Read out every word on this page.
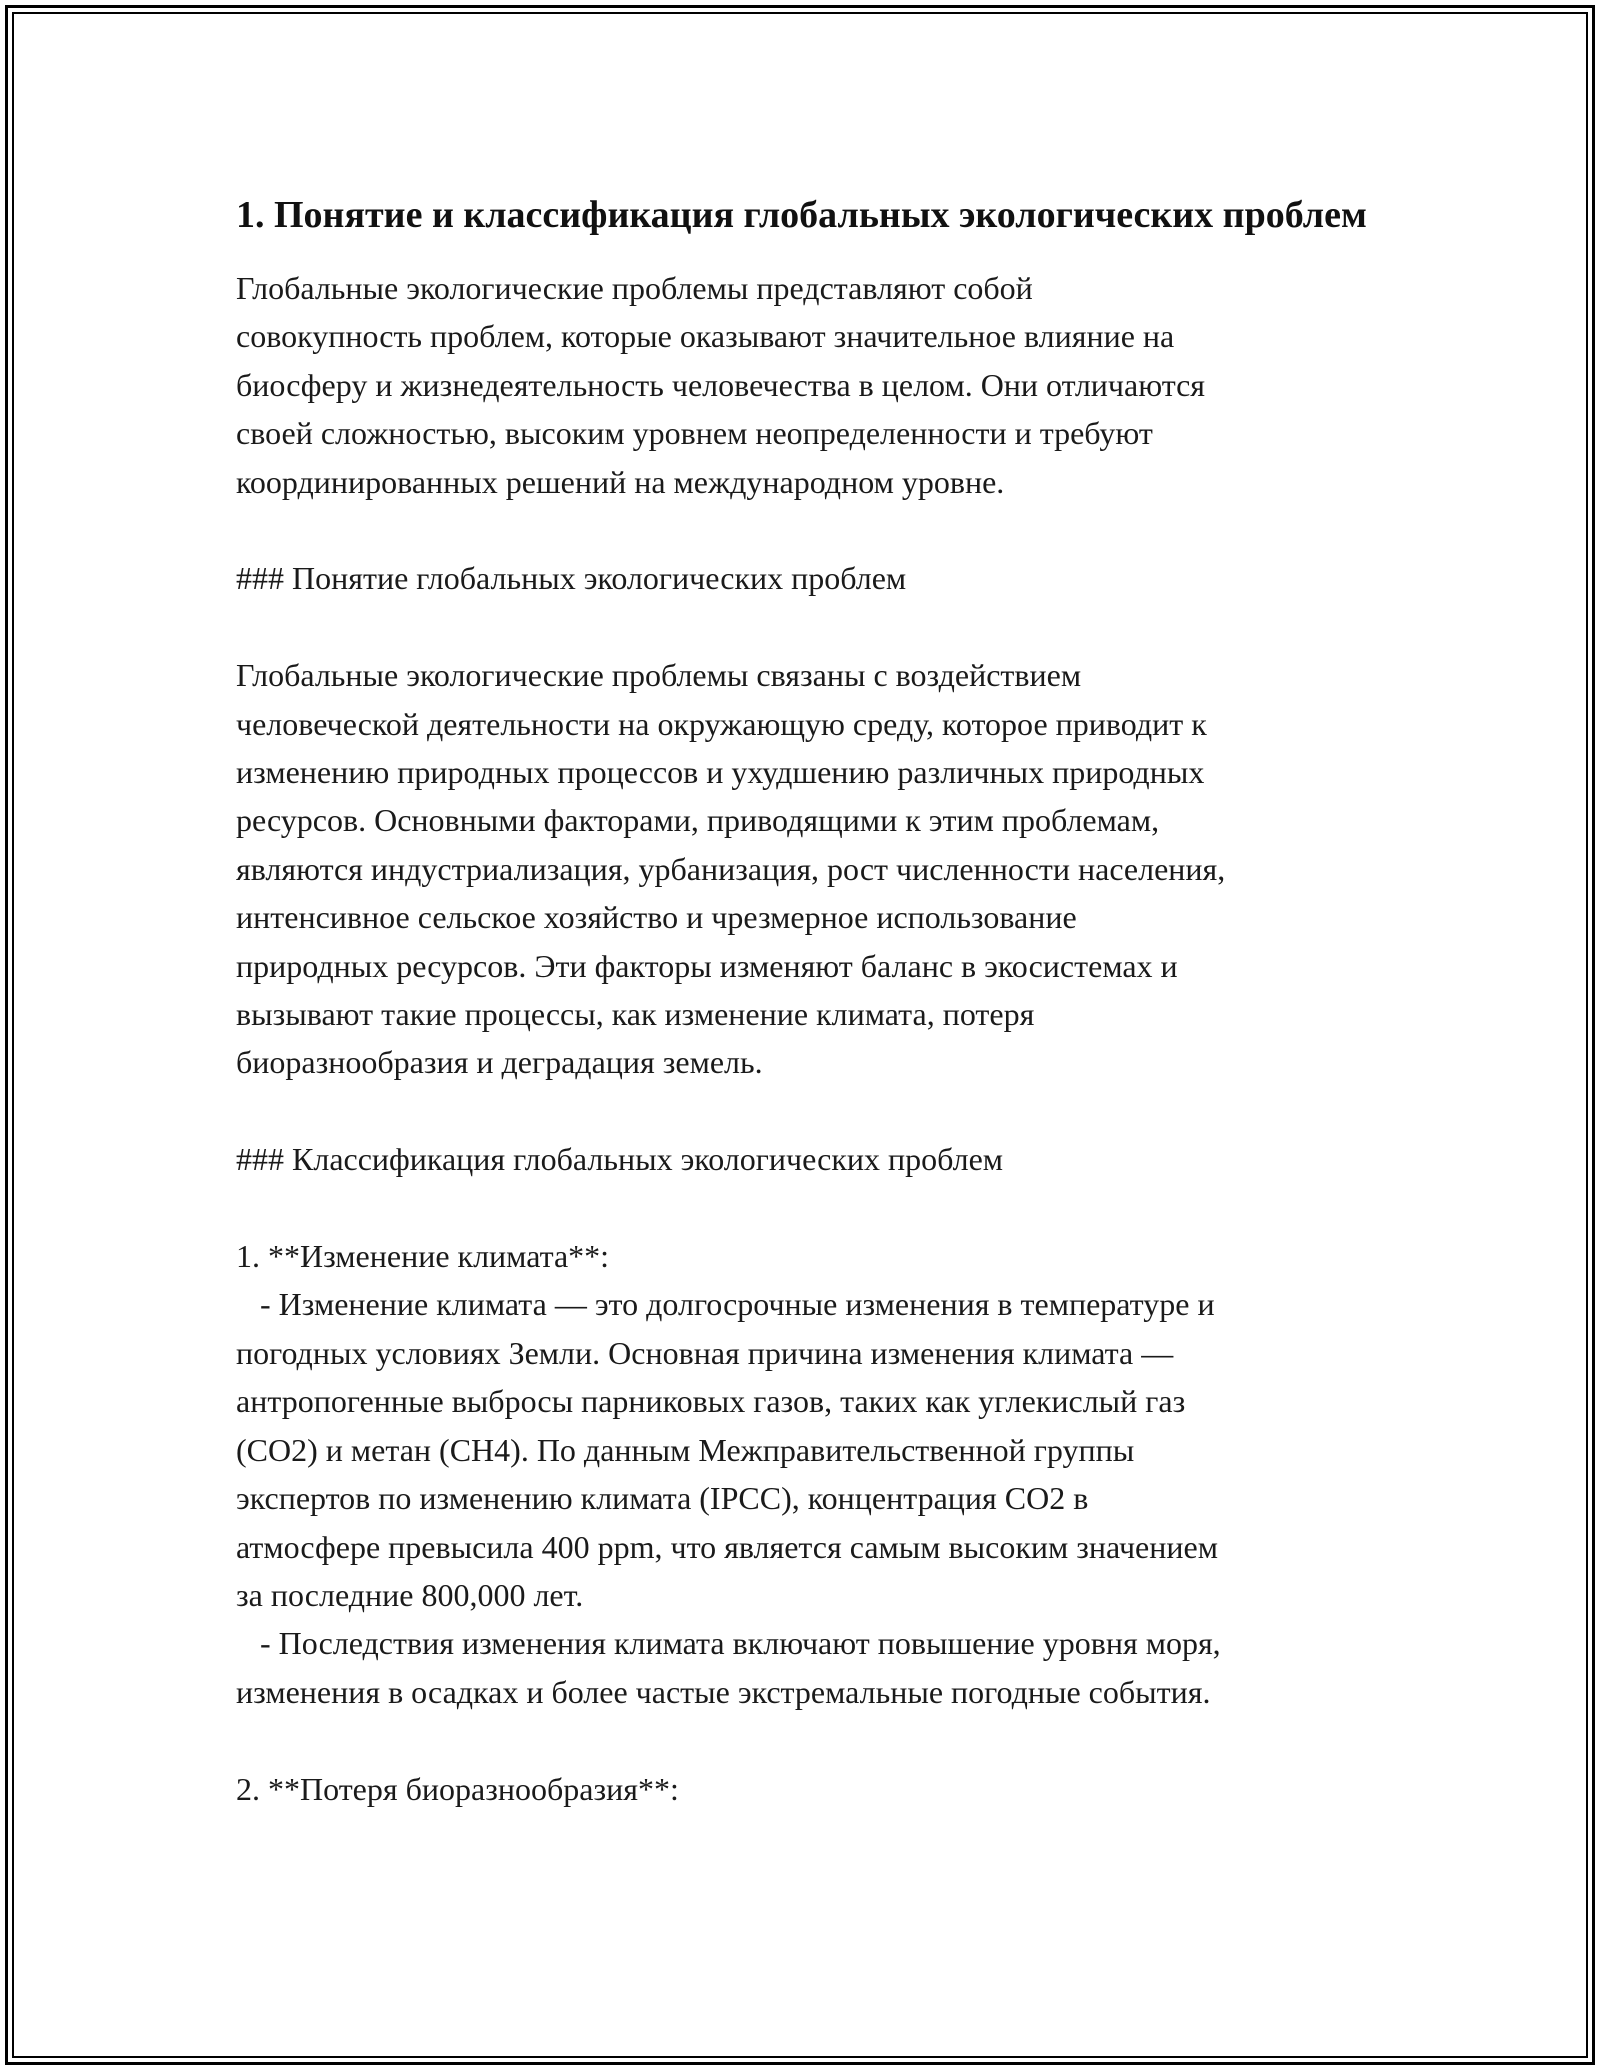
1. Понятие и классификация глобальных экологических проблем
Глобальные экологические проблемы представляют собой
совокупность проблем, которые оказывают значительное влияние на
биосферу и жизнедеятельность человечества в целом. Они отличаются
своей сложностью, высоким уровнем неопределенности и требуют
координированных решений на международном уровне.
### Понятие глобальных экологических проблем
Глобальные экологические проблемы связаны с воздействием
человеческой деятельности на окружающую среду, которое приводит к
изменению природных процессов и ухудшению различных природных
ресурсов. Основными факторами, приводящими к этим проблемам,
являются индустриализация, урбанизация, рост численности населения,
интенсивное сельское хозяйство и чрезмерное использование
природных ресурсов. Эти факторы изменяют баланс в экосистемах и
вызывают такие процессы, как изменение климата, потеря
биоразнообразия и деградация земель.
### Классификация глобальных экологических проблем
1. **Изменение климата**:
- Изменение климата — это долгосрочные изменения в температуре и
погодных условиях Земли. Основная причина изменения климата —
антропогенные выбросы парниковых газов, таких как углекислый газ
(CO2) и метан (CH4). По данным Межправительственной группы
экспертов по изменению климата (IPCC), концентрация CO2 в
атмосфере превысила 400 ppm, что является самым высоким значением
за последние 800,000 лет.
- Последствия изменения климата включают повышение уровня моря,
изменения в осадках и более частые экстремальные погодные события.
2. **Потеря биоразнообразия**:
